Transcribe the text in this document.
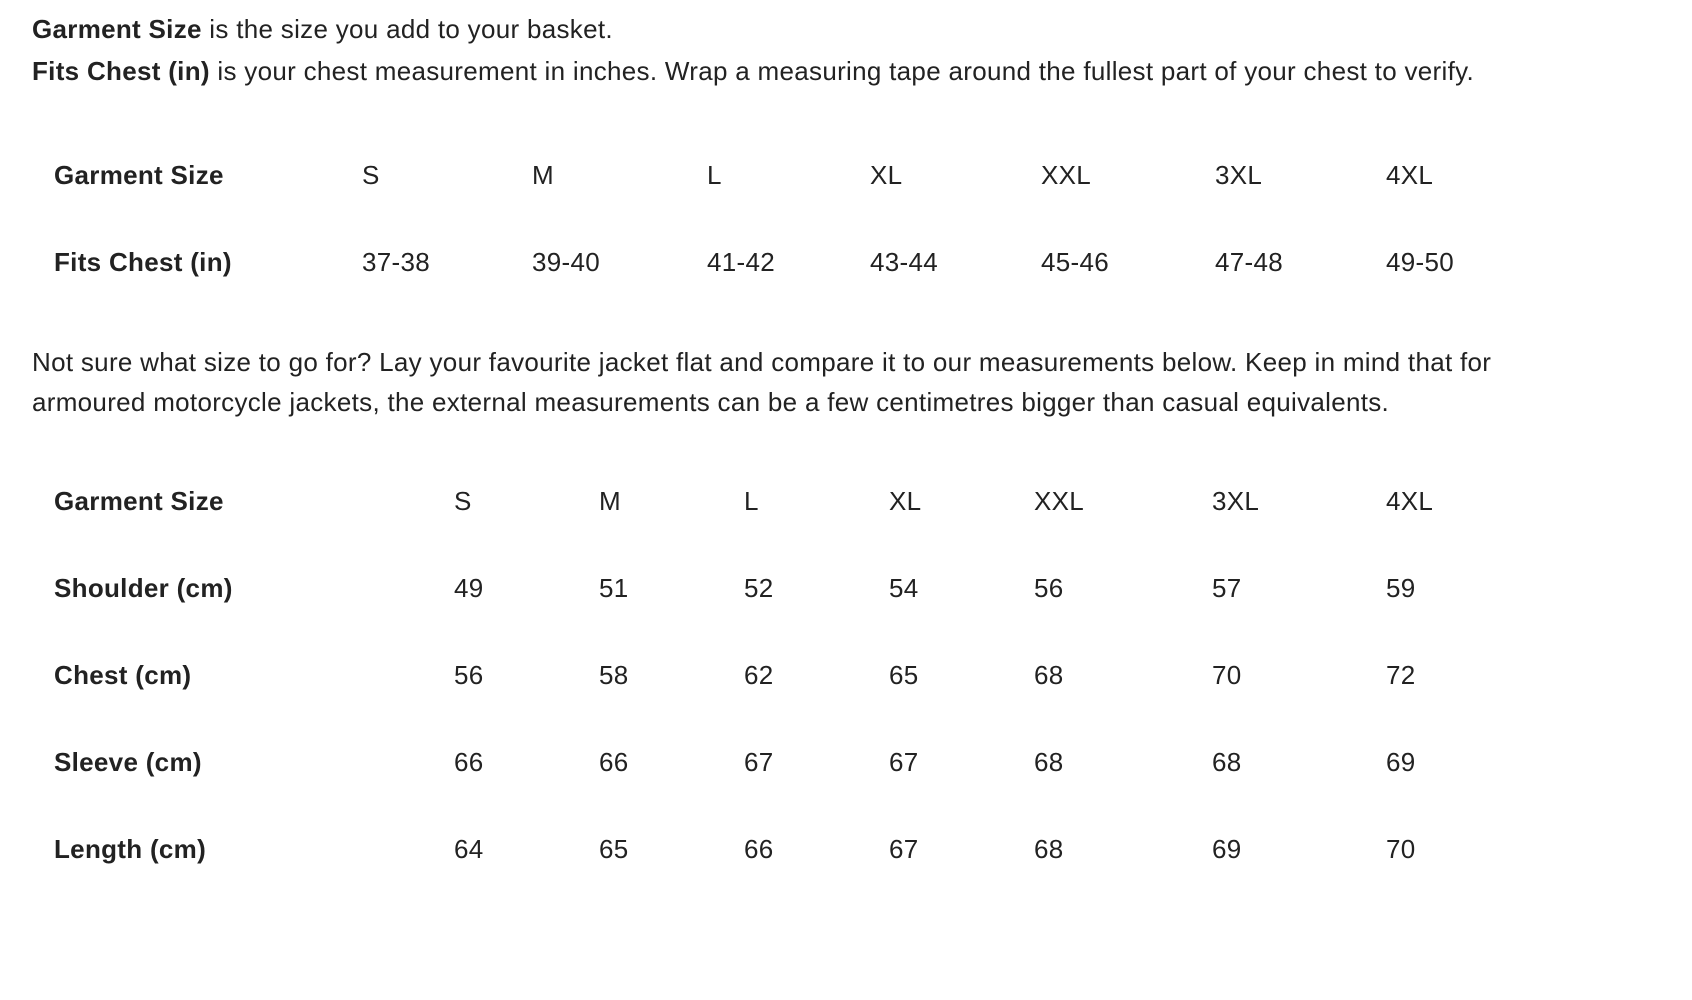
Garment Size is the size you add to your basket.

Fits Chest (in) is your chest measurement in inches. Wrap a measuring tape around the fullest part of your chest to verify.

Garment Size	S	M	L	XL	XXL	3XL	4XL
Fits Chest (in)	37-38	39-40	41-42	43-44	45-46	47-48	49-50

Not sure what size to go for? Lay your favourite jacket flat and compare it to our measurements below. Keep in mind that for armoured motorcycle jackets, the external measurements can be a few centimetres bigger than casual equivalents.

Garment Size	S	M	L	XL	XXL	3XL	4XL
Shoulder (cm)	49	51	52	54	56	57	59
Chest (cm)	56	58	62	65	68	70	72
Sleeve (cm)	66	66	67	67	68	68	69
Length (cm)	64	65	66	67	68	69	70
